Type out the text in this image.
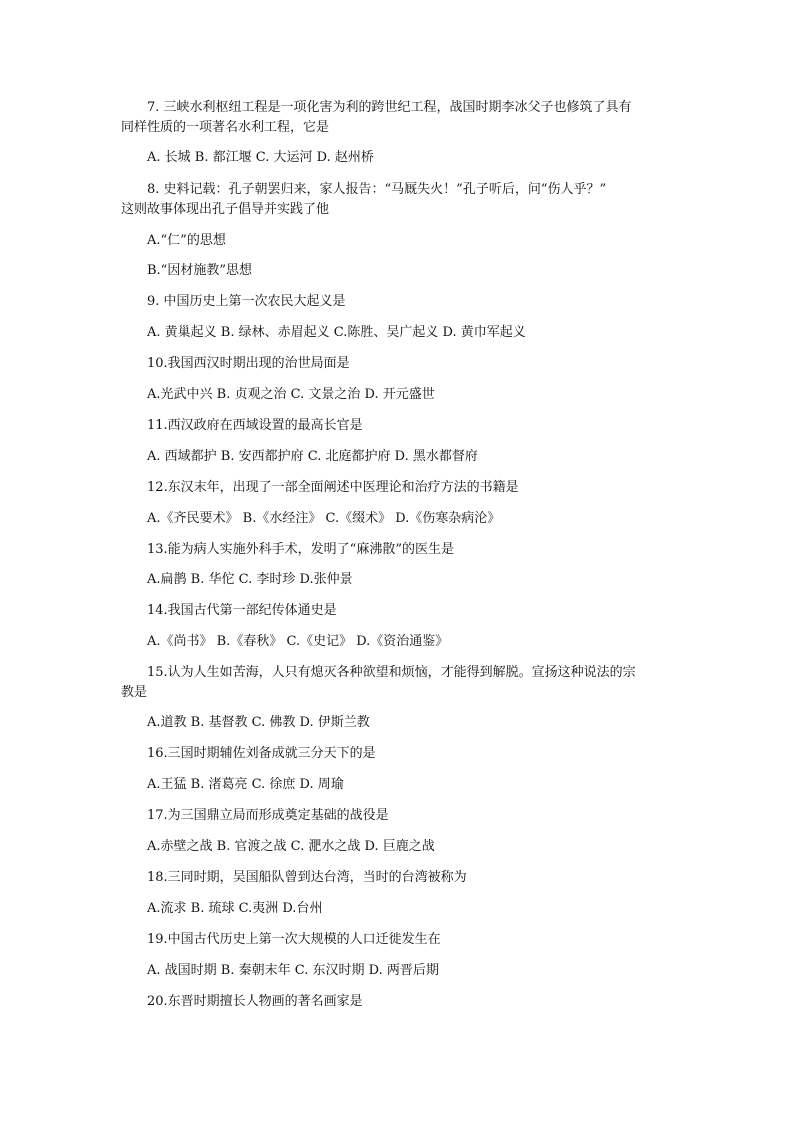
7. 三峡水利枢纽工程是一项化害为利的跨世纪工程，战国时期李冰父子也修筑了具有
同样性质的一项著名水利工程，它是
A. 长城 B. 都江堰 C. 大运河 D. 赵州桥
8. 史料记载：孔子朝罢归来，家人报告：“马厩失火！”孔子听后，问“伤人乎？”
这则故事体现出孔子倡导并实践了他
A.“仁”的思想
B.“因材施教”思想
9. 中国历史上第一次农民大起义是
A. 黄巢起义 B. 绿林、赤眉起义 C.陈胜、吴广起义 D. 黄巾军起义
10.我国西汉时期出现的治世局面是
A.光武中兴 B. 贞观之治 C. 文景之治 D. 开元盛世
11.西汉政府在西域设置的最高长官是
A. 西域都护 B. 安西都护府 C. 北庭都护府 D. 黑水都督府
12.东汉末年，出现了一部全面阐述中医理论和治疗方法的书籍是
A.《齐民要术》 B.《水经注》 C.《缀术》 D.《伤寒杂病沦》
13.能为病人实施外科手术，发明了“麻沸散”的医生是
A.扁鹊 B. 华佗 C. 李时珍 D.张仲景
14.我国古代第一部纪传体通史是
A.《尚书》 B.《春秋》 C.《史记》 D.《资治通鉴》
15.认为人生如苦海，人只有熄灭各种欲望和烦恼，才能得到解脱。宣扬这种说法的宗
教是
A.道教 B. 基督教 C. 佛教 D. 伊斯兰教
16.三国时期辅佐刘备成就三分天下的是
A.王猛 B. 渚葛亮 C. 徐庶 D. 周瑜
17.为三国鼎立局而形成奠定基础的战役是
A.赤壁之战 B. 官渡之战 C. 淝水之战 D. 巨鹿之战
18.三同时期，吴国船队曾到达台湾，当时的台湾被称为
A.流求 B. 琉球 C.夷洲 D.台州
19.中国古代历史上第一次大规模的人口迁徙发生在
A. 战国时期 B. 秦朝末年 C. 东汉时期 D. 两晋后期
20.东晋时期擅长人物画的著名画家是
